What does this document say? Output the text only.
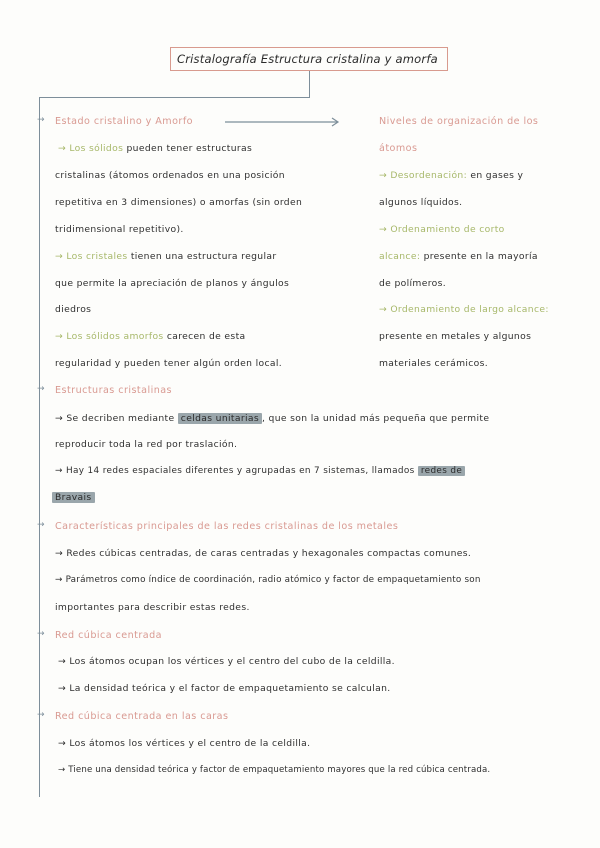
Cristalografía Estructura cristalina y amorfa
→ Estado cristalino y Amorfo
→ Los sólidos pueden tener estructuras
cristalinas (átomos ordenados en una posición
repetitiva en 3 dimensiones) o amorfas (sin orden
tridimensional repetitivo).
→ Los cristales tienen una estructura regular
que permite la apreciación de planos y ángulos
diedros
→ Los sólidos amorfos carecen de esta
regularidad y pueden tener algún orden local.
Niveles de organización de los
átomos
→ Desordenación: en gases y
algunos líquidos.
→ Ordenamiento de corto
alcance: presente en la mayoría
de polímeros.
→ Ordenamiento de largo alcance:
presente en metales y algunos
materiales cerámicos.
→ Estructuras cristalinas
→ Se decriben mediante celdas unitarias , que son la unidad más pequeña que permite
reproducir toda la red por traslación.
→ Hay 14 redes espaciales diferentes y agrupadas en 7 sistemas, llamados redes de
Bravais
→ Características principales de las redes cristalinas de los metales
→ Redes cúbicas centradas, de caras centradas y hexagonales compactas comunes.
→ Parámetros como índice de coordinación, radio atómico y factor de empaquetamiento son
importantes para describir estas redes.
→ Red cúbica centrada
→ Los átomos ocupan los vértices y el centro del cubo de la celdilla.
→ La densidad teórica y el factor de empaquetamiento se calculan.
→ Red cúbica centrada en las caras
→ Los átomos los vértices y el centro de la celdilla.
→ Tiene una densidad teórica y factor de empaquetamiento mayores que la red cúbica centrada.
